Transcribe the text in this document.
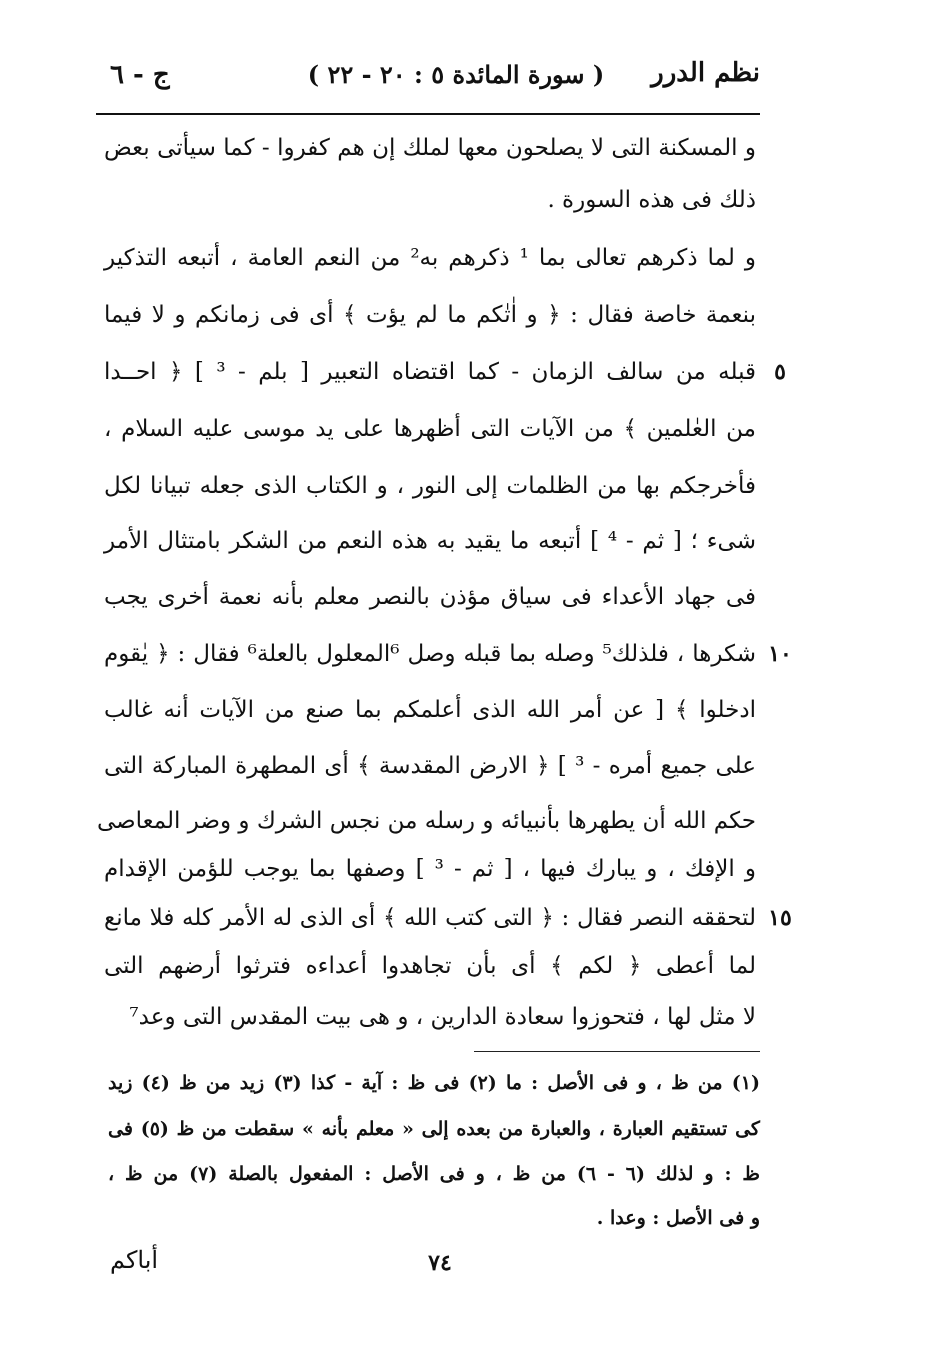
نظم الدرر
( سورة المائدة ٥ : ٢٠ - ٢٢ )
ج - ٦
و المسكنة التى لا يصلحون معها لملك إن هم كفروا - كما سيأتى بعض
ذلك فى هذه السورة .
و لما ذكرهم تعالى بما ¹ ذكرهم به² من النعم العامة ، أتبعه التذكير
بنعمة خاصة فقال : ﴿ و اٰتٰكم ما لم يؤت ﴾ أى فى زمانكم و لا فيما
قبله من سالف الزمان - كما اقتضاه التعبير [ بلم - ³ ] ﴿ احــدا
من العٰلمين ﴾ من الآيات التى أظهرها على يد موسى عليه السلام ،
فأخرجكم بها من الظلمات إلى النور ، و الكتاب الذى جعله تبيانا لكل
شىء ؛ [ ثم - ⁴ ] أتبعه ما يقيد به هذه النعم من الشكر بامتثال الأمر
فى جهاد الأعداء فى سياق مؤذن بالنصر معلم بأنه نعمة أخرى يجب
شكرها ، فلذلك⁵ وصله بما قبله وصل ⁶المعلول بالعلة⁶ فقال : ﴿ يٰقوم
ادخلوا ﴾ [ عن أمر الله الذى أعلمكم بما صنع من الآيات أنه غالب
على جميع أمره - ³ ] ﴿ الارض المقدسة ﴾ أى المطهرة المباركة التى
حكم الله أن يطهرها بأنبيائه و رسله من نجس الشرك و وضر المعاصى
و الإفك ، و يبارك فيها ، [ ثم - ³ ] وصفها بما يوجب للؤمن الإقدام
لتحققه النصر فقال : ﴿ التى كتب الله ﴾ أى الذى له الأمر كله فلا مانع
لما أعطى ﴿ لكم ﴾ أى بأن تجاهدوا أعداءه فترثوا أرضهم التى
لا مثل لها ، فتحوزوا سعادة الدارين ، و هى بيت المقدس التى وعد⁷
٥
١٠
١٥
(١) من ظ ، و فى الأصل : ما (٢) فى ظ : آية - كذا (٣) زيد من ظ (٤) زيد
كى تستقيم العبارة ، والعبارة من بعده إلى « معلم بأنه » سقطت من ظ (٥) فى
ظ : و لذلك (٦ - ٦) من ظ ، و فى الأصل : المفعول بالصلة (٧) من ظ ،
و فى الأصل : وعدا .
أباكم	٧٤
